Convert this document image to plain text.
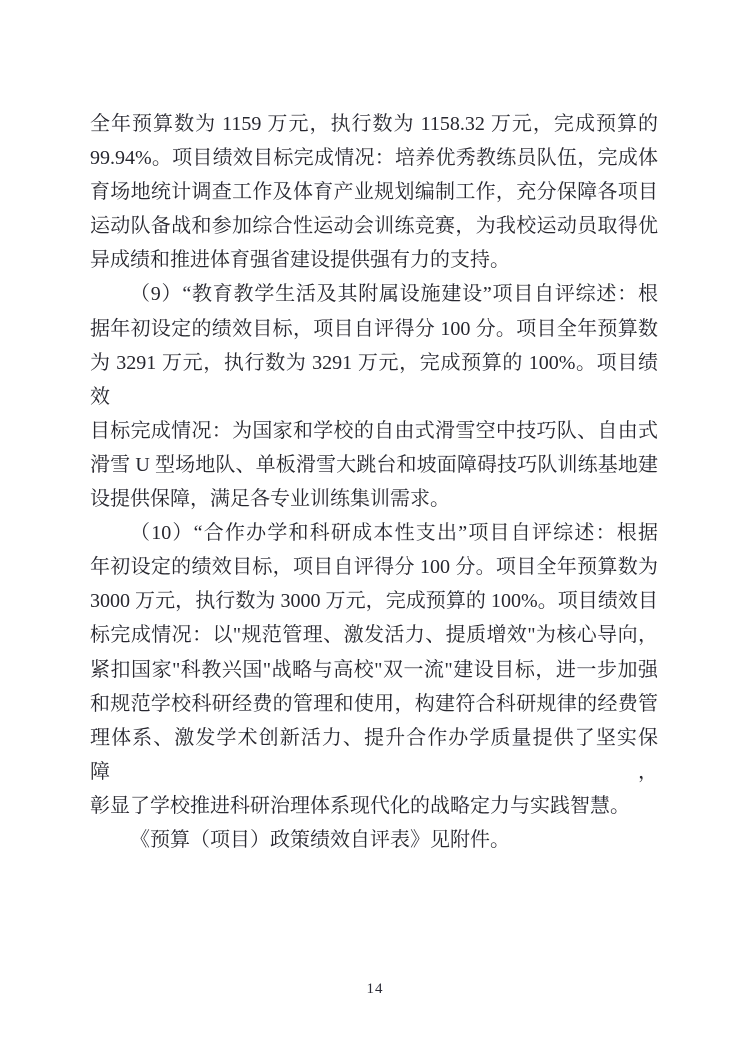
全年预算数为 1159 万元，执行数为 1158.32 万元，完成预算的
99.94%。项目绩效目标完成情况：培养优秀教练员队伍，完成体
育场地统计调查工作及体育产业规划编制工作，充分保障各项目
运动队备战和参加综合性运动会训练竞赛，为我校运动员取得优
异成绩和推进体育强省建设提供强有力的支持。
（9）“教育教学生活及其附属设施建设”项目自评综述：根
据年初设定的绩效目标，项目自评得分 100 分。项目全年预算数
为 3291 万元，执行数为 3291 万元，完成预算的 100%。项目绩效
目标完成情况：为国家和学校的自由式滑雪空中技巧队、自由式
滑雪 U 型场地队、单板滑雪大跳台和坡面障碍技巧队训练基地建
设提供保障，满足各专业训练集训需求。
（10）“合作办学和科研成本性支出”项目自评综述：根据
年初设定的绩效目标，项目自评得分 100 分。项目全年预算数为
3000 万元，执行数为 3000 万元，完成预算的 100%。项目绩效目
标完成情况：以"规范管理、激发活力、提质增效"为核心导向，
紧扣国家"科教兴国"战略与高校"双一流"建设目标，进一步加强
和规范学校科研经费的管理和使用，构建符合科研规律的经费管
理体系、激发学术创新活力、提升合作办学质量提供了坚实保障，
彰显了学校推进科研治理体系现代化的战略定力与实践智慧。
《预算（项目）政策绩效自评表》见附件。
14
